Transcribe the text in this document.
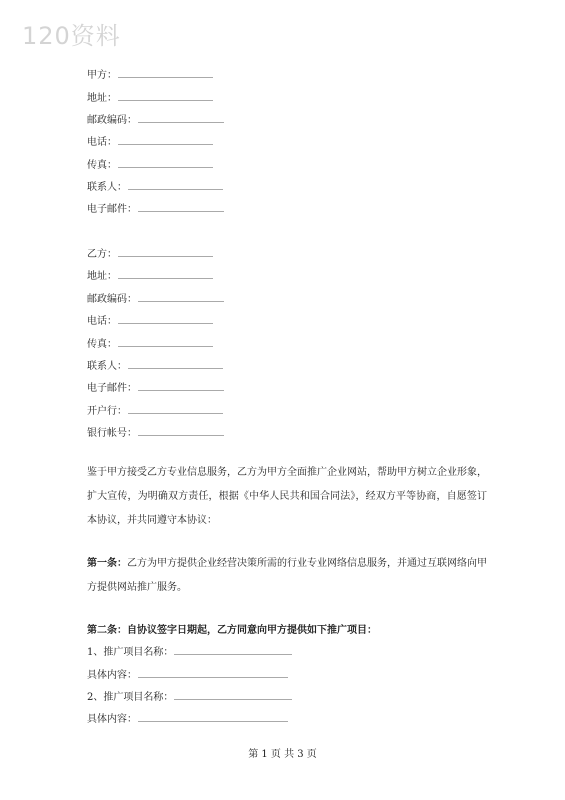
120资料
甲方：
地址：
邮政编码：
电话：
传真：
联系人：
电子邮件：
乙方：
地址：
邮政编码：
电话：
传真：
联系人：
电子邮件：
开户行：
银行帐号：
鉴于甲方接受乙方专业信息服务，乙方为甲方全面推广企业网站，帮助甲方树立企业形象，扩大宣传，为明确双方责任，根据《中华人民共和国合同法》，经双方平等协商，自愿签订本协议，并共同遵守本协议：
第一条：乙方为甲方提供企业经营决策所需的行业专业网络信息服务，并通过互联网络向甲方提供网站推广服务。
第二条：自协议签字日期起，乙方同意向甲方提供如下推广项目：
1、推广项目名称：
具体内容：
2、推广项目名称：
具体内容：
第 1 页 共 3 页
